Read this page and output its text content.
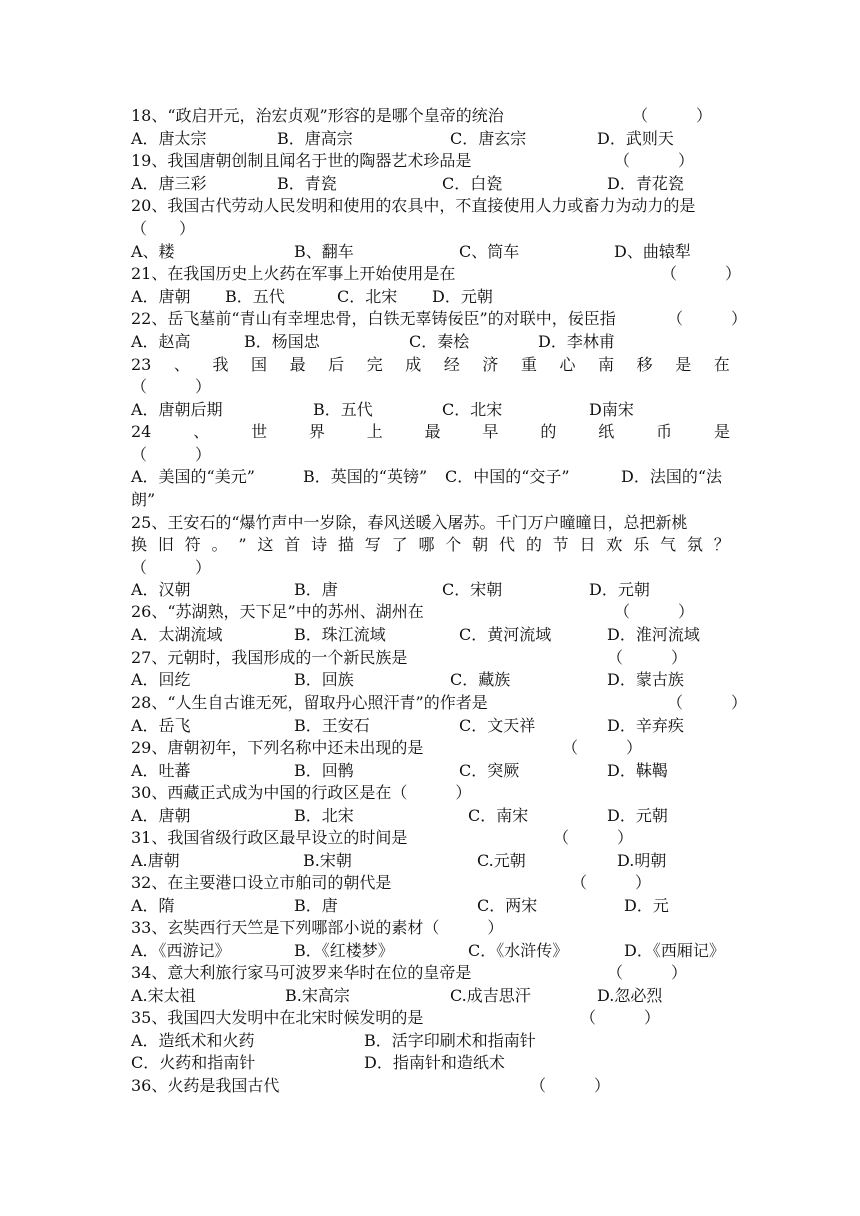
18、“政启开元，治宏贞观”形容的是哪个皇帝的统治	（　　　）
A．唐太宗	B．唐高宗	C．唐玄宗	D．武则天
19、我国唐朝创制且闻名于世的陶器艺术珍品是	（　　　）
A．唐三彩	B．青瓷	C．白瓷	D．青花瓷
20、我国古代劳动人民发明和使用的农具中，不直接使用人力或畜力为动力的是
（　　）
A、耧	B、翻车	C、筒车	D、曲辕犁
21、在我国历史上火药在军事上开始使用是在	（　　　）
A．唐朝 B．五代	C．北宋 D．元朝
22、岳飞墓前“青山有幸埋忠骨，白铁无辜铸佞臣”的对联中，佞臣指	（　　　）
A．赵高	B．杨国忠	C．秦桧	D．李林甫
23 、 我 国 最 后 完 成 经 济 重 心 南 移 是 在
（　　　）
A．唐朝后期	B．五代	C．北宋	D南宋
24	、	世	界	上	最	早	的	纸	币	是
（　　　）
A．美国的“美元”	B．英国的“英镑” C．中国的“交子”	D．法国的“法
朗”
25、王安石的“爆竹声中一岁除，春风送暖入屠苏。千门万户曈曈日，总把新桃
换 旧 符 。 ” 这 首 诗 描 写 了 哪 个 朝 代 的 节 日 欢 乐 气 氛 ？
（　　　）
A．汉朝	B．唐	C．宋朝	D．元朝
26、“苏湖熟，天下足”中的苏州、湖州在	（　　　）
A．太湖流域	B．珠江流域	C．黄河流域	D．淮河流域
27、元朝时，我国形成的一个新民族是	（　　　）
A．回纥	B．回族	C．藏族	D．蒙古族
28、“人生自古谁无死，留取丹心照汗青”的作者是	（　　　）
A．岳飞	B．王安石	C．文天祥	D．辛弃疾
29、唐朝初年，下列名称中还未出现的是	（　　　）
A．吐蕃	B．回鹘	C．突厥	D．靺鞨
30、西藏正式成为中国的行政区是在（　　　）
A．唐朝	B．北宋	C．南宋	D．元朝
31、我国省级行政区最早设立的时间是	（　　　）
A.唐朝	B.宋朝	C.元朝	D.明朝
32、在主要港口设立市舶司的朝代是	（　　　）
A．隋	B．唐	C．两宋	D．元
33、玄奘西行天竺是下列哪部小说的素材（　　　）
A．《西游记》	B．《红楼梦》	C．《水浒传》	D．《西厢记》
34、意大利旅行家马可波罗来华时在位的皇帝是	（　　　）
A.宋太祖	B.宋高宗	C.成吉思汗	D.忽必烈
35、我国四大发明中在北宋时候发明的是	（　　　）
A．造纸术和火药	B．活字印刷术和指南针
C．火药和指南针	D．指南针和造纸术
36、火药是我国古代	（　　　）
